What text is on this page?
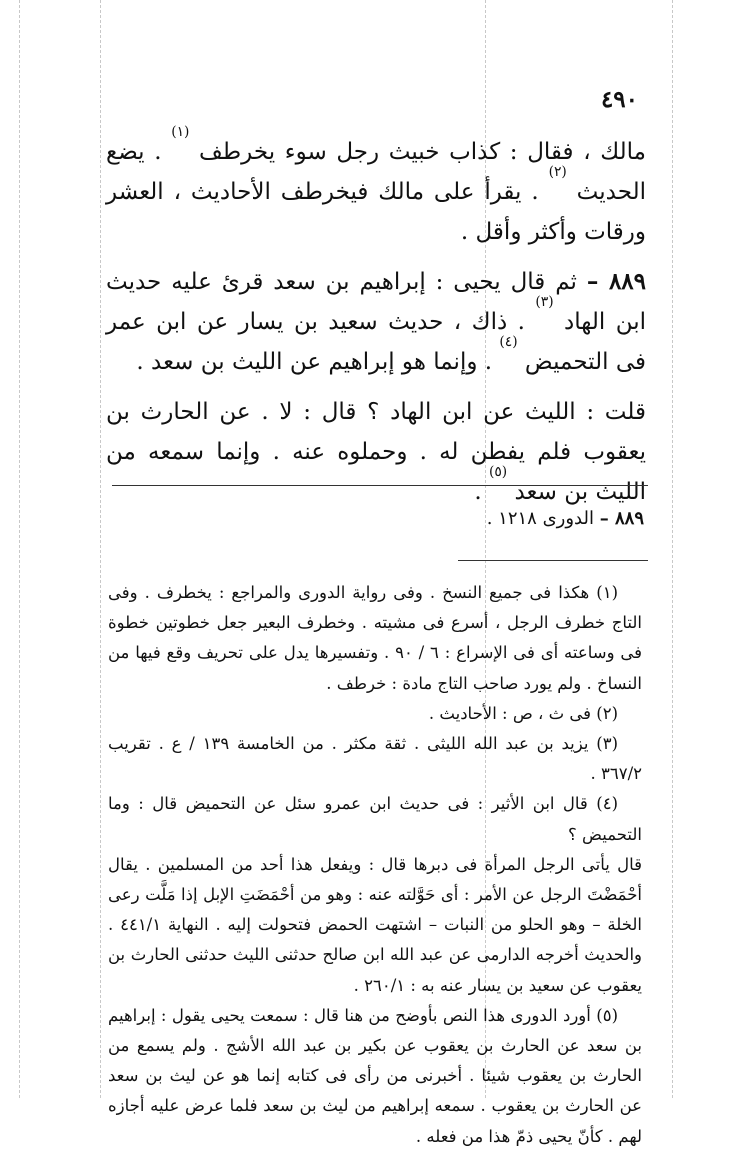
٤٩٠

مالك ، فقال : كذاب خبيث رجل سوء يخرطف $^{(١)}$ . يضع الحديث $^{(٢)}$ . يقرأ على مالك فيخرطف الأحاديث ، العشر ورقات وأكثر وأقل .

٨٨٩ – ثم قال يحيى : إبراهيم بن سعد قرئ عليه حديث ابن الهاد $^{(٣)}$ . ذاك ، حديث سعيد بن يسار عن ابن عمر فى التحميض $^{(٤)}$ . وإنما هو إبراهيم عن الليث بن سعد .

قلت : الليث عن ابن الهاد ؟ قال : لا . عن الحارث بن يعقوب فلم يفطن له . وحملوه عنه . وإنما سمعه من الليث بن سعد $^{(٥)}$ .

٨٨٩ – الدورى ١٢١٨ .

(١) هكذا فى جميع النسخ . وفى رواية الدورى والمراجع : يخطرف . وفى التاج خطرف الرجل ، أسرع فى مشيته . وخطرف البعير جعل خطوتين خطوة فى وساعته أى فى الإسراع : ٦ / ٩٠ . وتفسيرها يدل على تحريف وقع فيها من النساخ . ولم يورد صاحب التاج مادة : خرطف .

(٢) فى ث ، ص : الأحاديث .

(٣) يزيد بن عبد الله الليثى . ثقة مكثر . من الخامسة ١٣٩ / ع . تقريب ٣٦٧/٢ .

(٤) قال ابن الأثير : فى حديث ابن عمرو سئل عن التحميض قال : وما التحميض ؟

قال يأتى الرجل المرأة فى دبرها قال : ويفعل هذا أحد من المسلمين . يقال أحْمَضْتَ الرجل عن الأمر : أى حَوَّلته عنه : وهو من أحْمَضَتِ الإبل إذا مَلَّت رعى الخلة – وهو الحلو من النبات – اشتهت الحمض فتحولت إليه . النهاية ٤٤١/١ . والحديث أخرجه الدارمى عن عبد الله ابن صالح حدثنى الليث حدثنى الحارث بن يعقوب عن سعيد بن يسار عنه به : ٢٦٠/١ .

(٥) أورد الدورى هذا النص بأوضح من هنا قال : سمعت يحيى يقول : إبراهيم بن سعد عن الحارث بن يعقوب عن بكير بن عبد الله الأشج . ولم يسمع من الحارث بن يعقوب شيئا . أخبرنى من رأى فى كتابه إنما هو عن ليث بن سعد عن الحارث بن يعقوب . سمعه إبراهيم من ليث بن سعد فلما عرض عليه أجازه لهم . كأنّ يحيى ذمّ هذا من فعله .
